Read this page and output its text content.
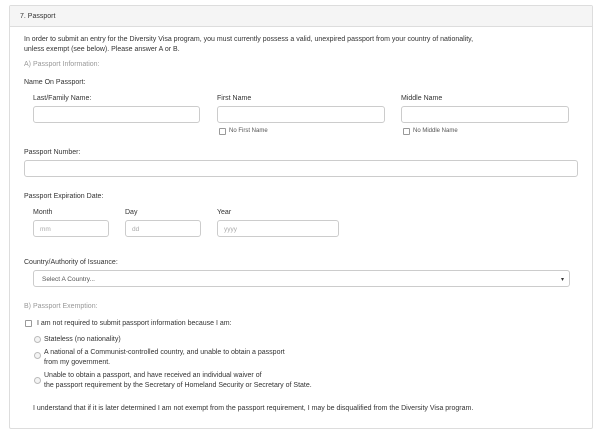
7. Passport
In order to submit an entry for the Diversity Visa program, you must currently possess a valid, unexpired passport from your country of nationality, unless exempt (see below). Please answer A or B.
A) Passport Information:
Name On Passport:
Last/Family Name:	First Name
No First Name
Middle Name
No Middle Name
Passport Number:
Passport Expiration Date:
Month	Day	Year
mm	dd	yyyy
Country/Authority of Issuance:
Select A Country...	▾
B) Passport Exemption:
I am not required to submit passport information because I am:
Stateless (no nationality)
A national of a Communist-controlled country, and unable to obtain a passport
from my government.
Unable to obtain a passport, and have received an individual waiver of
the passport requirement by the Secretary of Homeland Security or Secretary of State.
I understand that if it is later determined I am not exempt from the passport requirement, I may be disqualified from the Diversity Visa program.
